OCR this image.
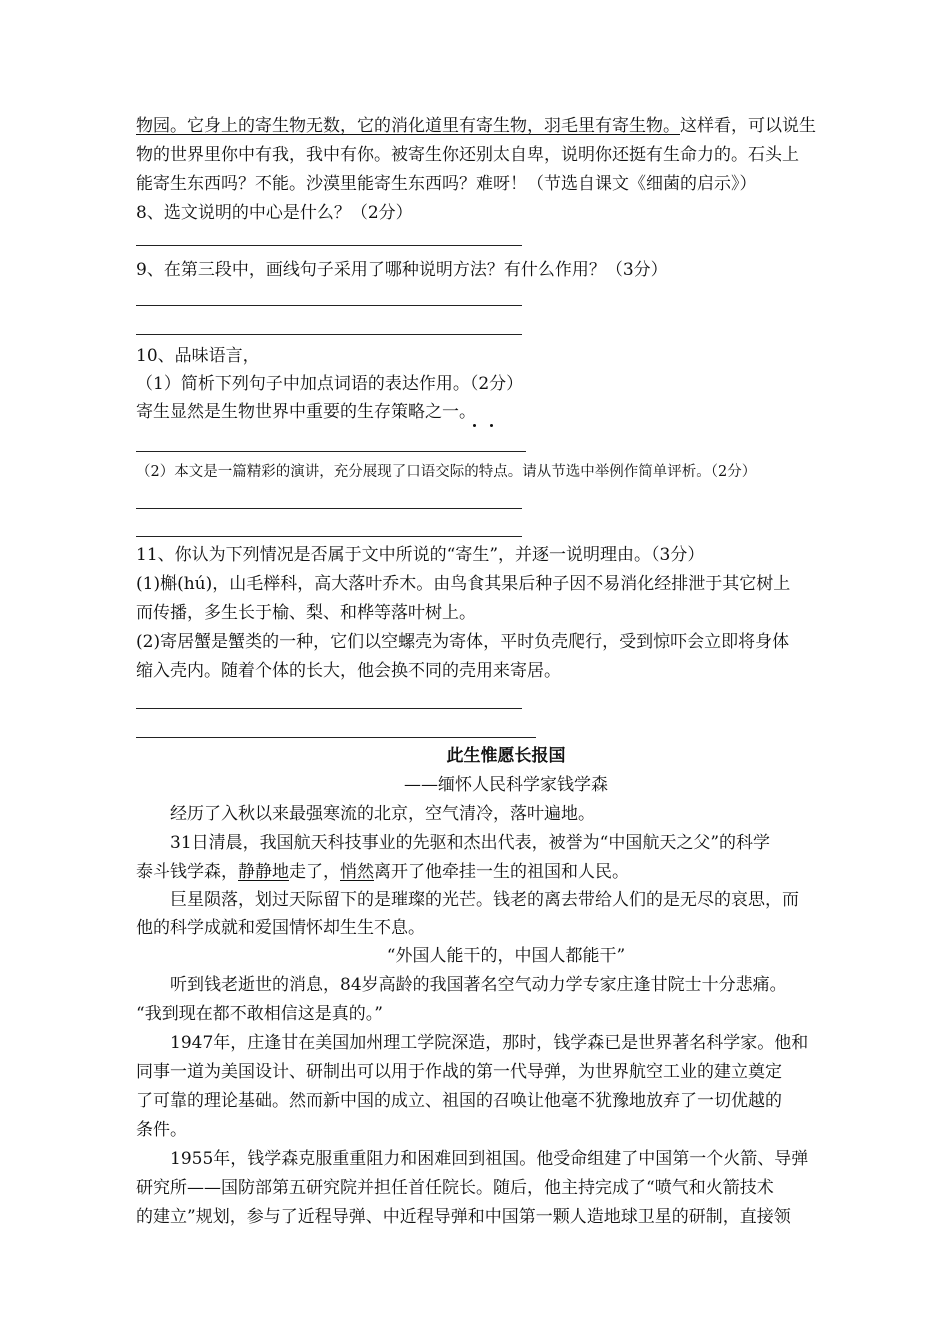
物园。它身上的寄生物无数，它的消化道里有寄生物，羽毛里有寄生物。这样看，可以说生
物的世界里你中有我，我中有你。被寄生你还别太自卑，说明你还挺有生命力的。石头上
能寄生东西吗？不能。沙漠里能寄生东西吗？难呀！（节选自课文《细菌的启示》）
8、选文说明的中心是什么？（2分）
9、在第三段中，画线句子采用了哪种说明方法？有什么作用？（3分）
10、品味语言，
（1）简析下列句子中加点词语的表达作用。（2分）
寄生显然是生物世界中重要的生存策略之一。
（2）本文是一篇精彩的演讲，充分展现了口语交际的特点。请从节选中举例作简单评析。（2分）
11、你认为下列情况是否属于文中所说的“寄生”，并逐一说明理由。（3分）
(1)槲(hú)，山毛榉科，高大落叶乔木。由鸟食其果后种子因不易消化经排泄于其它树上
而传播，多生长于榆、梨、和桦等落叶树上。
(2)寄居蟹是蟹类的一种，它们以空螺壳为寄体，平时负壳爬行，受到惊吓会立即将身体
缩入壳内。随着个体的长大，他会换不同的壳用来寄居。
此生惟愿长报国
——缅怀人民科学家钱学森
经历了入秋以来最强寒流的北京，空气清冷，落叶遍地。
31日清晨，我国航天科技事业的先驱和杰出代表，被誉为“中国航天之父”的科学
泰斗钱学森，静静地走了，悄然离开了他牵挂一生的祖国和人民。
巨星陨落，划过天际留下的是璀璨的光芒。钱老的离去带给人们的是无尽的哀思，而
他的科学成就和爱国情怀却生生不息。
“外国人能干的，中国人都能干”
听到钱老逝世的消息，84岁高龄的我国著名空气动力学专家庄逢甘院士十分悲痛。
“我到现在都不敢相信这是真的。”
1947年，庄逢甘在美国加州理工学院深造，那时，钱学森已是世界著名科学家。他和
同事一道为美国设计、研制出可以用于作战的第一代导弹，为世界航空工业的建立奠定
了可靠的理论基础。然而新中国的成立、祖国的召唤让他毫不犹豫地放弃了一切优越的
条件。
1955年，钱学森克服重重阻力和困难回到祖国。他受命组建了中国第一个火箭、导弹
研究所——国防部第五研究院并担任首任院长。随后，他主持完成了“喷气和火箭技术
的建立”规划，参与了近程导弹、中近程导弹和中国第一颗人造地球卫星的研制，直接领
